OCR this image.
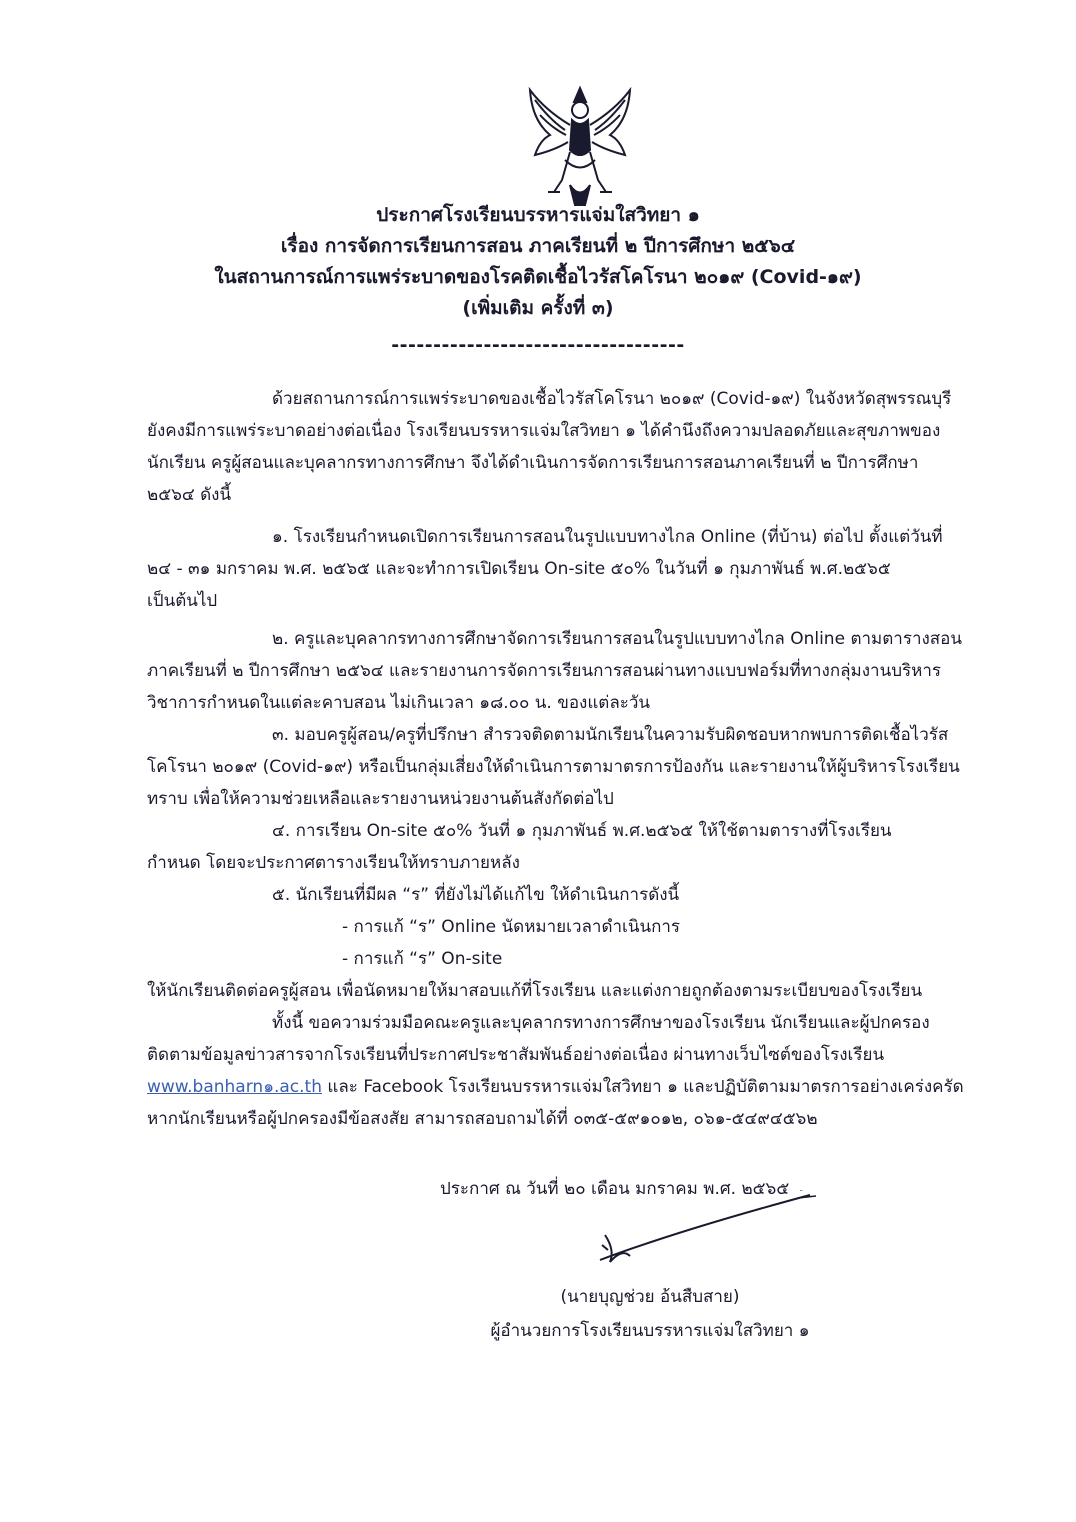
ประกาศโรงเรียนบรรหารแจ่มใสวิทยา ๑
เรื่อง การจัดการเรียนการสอน ภาคเรียนที่ ๒ ปีการศึกษา ๒๕๖๔
ในสถานการณ์การแพร่ระบาดของโรคติดเชื้อไวรัสโคโรนา ๒๐๑๙ (Covid-๑๙)
(เพิ่มเติม ครั้งที่ ๓)
-----------------------------------

ด้วยสถานการณ์การแพร่ระบาดของเชื้อไวรัสโคโรนา ๒๐๑๙ (Covid-๑๙) ในจังหวัดสุพรรณบุรี

ยังคงมีการแพร่ระบาดอย่างต่อเนื่อง โรงเรียนบรรหารแจ่มใสวิทยา ๑ ได้คำนึงถึงความปลอดภัยและสุขภาพของ

นักเรียน ครูผู้สอนและบุคลากรทางการศึกษา จึงได้ดำเนินการจัดการเรียนการสอนภาคเรียนที่ ๒ ปีการศึกษา

๒๕๖๔ ดังนี้

๑. โรงเรียนกำหนดเปิดการเรียนการสอนในรูปแบบทางไกล Online (ที่บ้าน) ต่อไป ตั้งแต่วันที่

๒๔ - ๓๑ มกราคม พ.ศ. ๒๕๖๕ และจะทำการเปิดเรียน On-site ๕๐% ในวันที่ ๑ กุมภาพันธ์ พ.ศ.๒๕๖๕

เป็นต้นไป

๒. ครูและบุคลากรทางการศึกษาจัดการเรียนการสอนในรูปแบบทางไกล Online ตามตารางสอน

ภาคเรียนที่ ๒ ปีการศึกษา ๒๕๖๔ และรายงานการจัดการเรียนการสอนผ่านทางแบบฟอร์มที่ทางกลุ่มงานบริหาร

วิชาการกำหนดในแต่ละคาบสอน ไม่เกินเวลา ๑๘.๐๐ น. ของแต่ละวัน

๓. มอบครูผู้สอน/ครูที่ปรึกษา สำรวจติดตามนักเรียนในความรับผิดชอบหากพบการติดเชื้อไวรัส

โคโรนา ๒๐๑๙ (Covid-๑๙) หรือเป็นกลุ่มเสี่ยงให้ดำเนินการตามาตรการป้องกัน และรายงานให้ผู้บริหารโรงเรียน

ทราบ เพื่อให้ความช่วยเหลือและรายงานหน่วยงานต้นสังกัดต่อไป

๔. การเรียน On-site ๕๐% วันที่ ๑ กุมภาพันธ์ พ.ศ.๒๕๖๕ ให้ใช้ตามตารางที่โรงเรียน

กำหนด โดยจะประกาศตารางเรียนให้ทราบภายหลัง

๕. นักเรียนที่มีผล “ร” ที่ยังไม่ได้แก้ไข ให้ดำเนินการดังนี้

- การแก้ “ร” Online นัดหมายเวลาดำเนินการ

- การแก้ “ร” On-site

ให้นักเรียนติดต่อครูผู้สอน เพื่อนัดหมายให้มาสอบแก้ที่โรงเรียน และแต่งกายถูกต้องตามระเบียบของโรงเรียน

ทั้งนี้ ขอความร่วมมือคณะครูและบุคลากรทางการศึกษาของโรงเรียน นักเรียนและผู้ปกครอง

ติดตามข้อมูลข่าวสารจากโรงเรียนที่ประกาศประชาสัมพันธ์อย่างต่อเนื่อง ผ่านทางเว็บไซต์ของโรงเรียน

www.banharn๑.ac.th และ Facebook โรงเรียนบรรหารแจ่มใสวิทยา ๑ และปฏิบัติตามมาตรการอย่างเคร่งครัด

หากนักเรียนหรือผู้ปกครองมีข้อสงสัย สามารถสอบถามได้ที่ ๐๓๕-๕๙๑๐๑๒, ๐๖๑-๕๔๙๔๕๖๒

ประกาศ ณ วันที่ ๒๐ เดือน มกราคม พ.ศ. ๒๕๖๕
(นายบุญช่วย อ้นสืบสาย)
ผู้อำนวยการโรงเรียนบรรหารแจ่มใสวิทยา ๑
